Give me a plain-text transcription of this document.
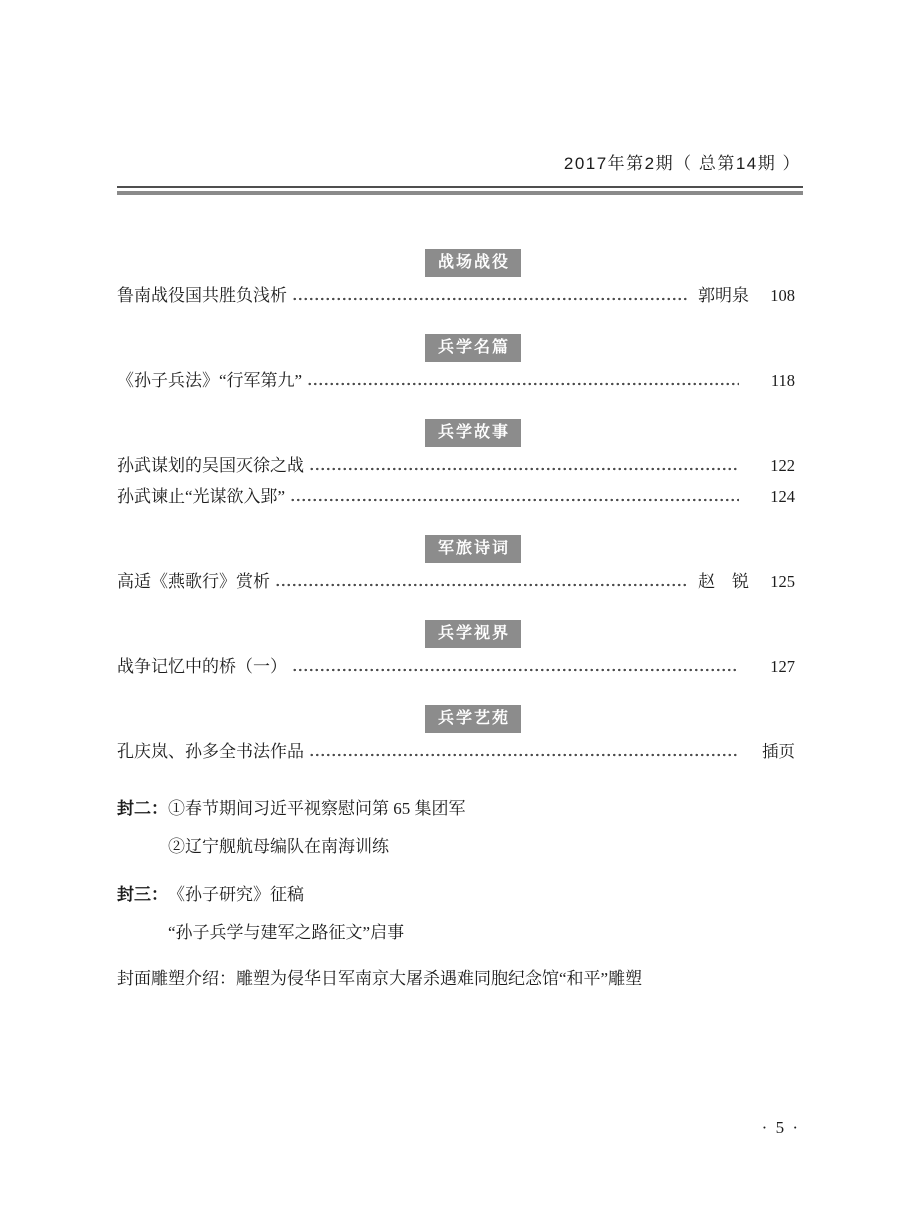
2017年第2期（ 总第14期 ）
战场战役
鲁南战役国共胜负浅析	郭明泉	108
兵学名篇
《孙子兵法》“行军第九”	118
兵学故事
孙武谋划的吴国灭徐之战	122
孙武谏止“光谋欲入郢”	124
军旅诗词
高适《燕歌行》赏析	赵　锐	125
兵学视界
战争记忆中的桥（一）	127
兵学艺苑
孔庆岚、孙多全书法作品	插页
封二： ①春节期间习近平视察慰问第 65 集团军
②辽宁舰航母编队在南海训练
封三： 《孙子研究》征稿
“孙子兵学与建军之路征文”启事
封面雕塑介绍：雕塑为侵华日军南京大屠杀遇难同胞纪念馆“和平”雕塑
· 5 ·
